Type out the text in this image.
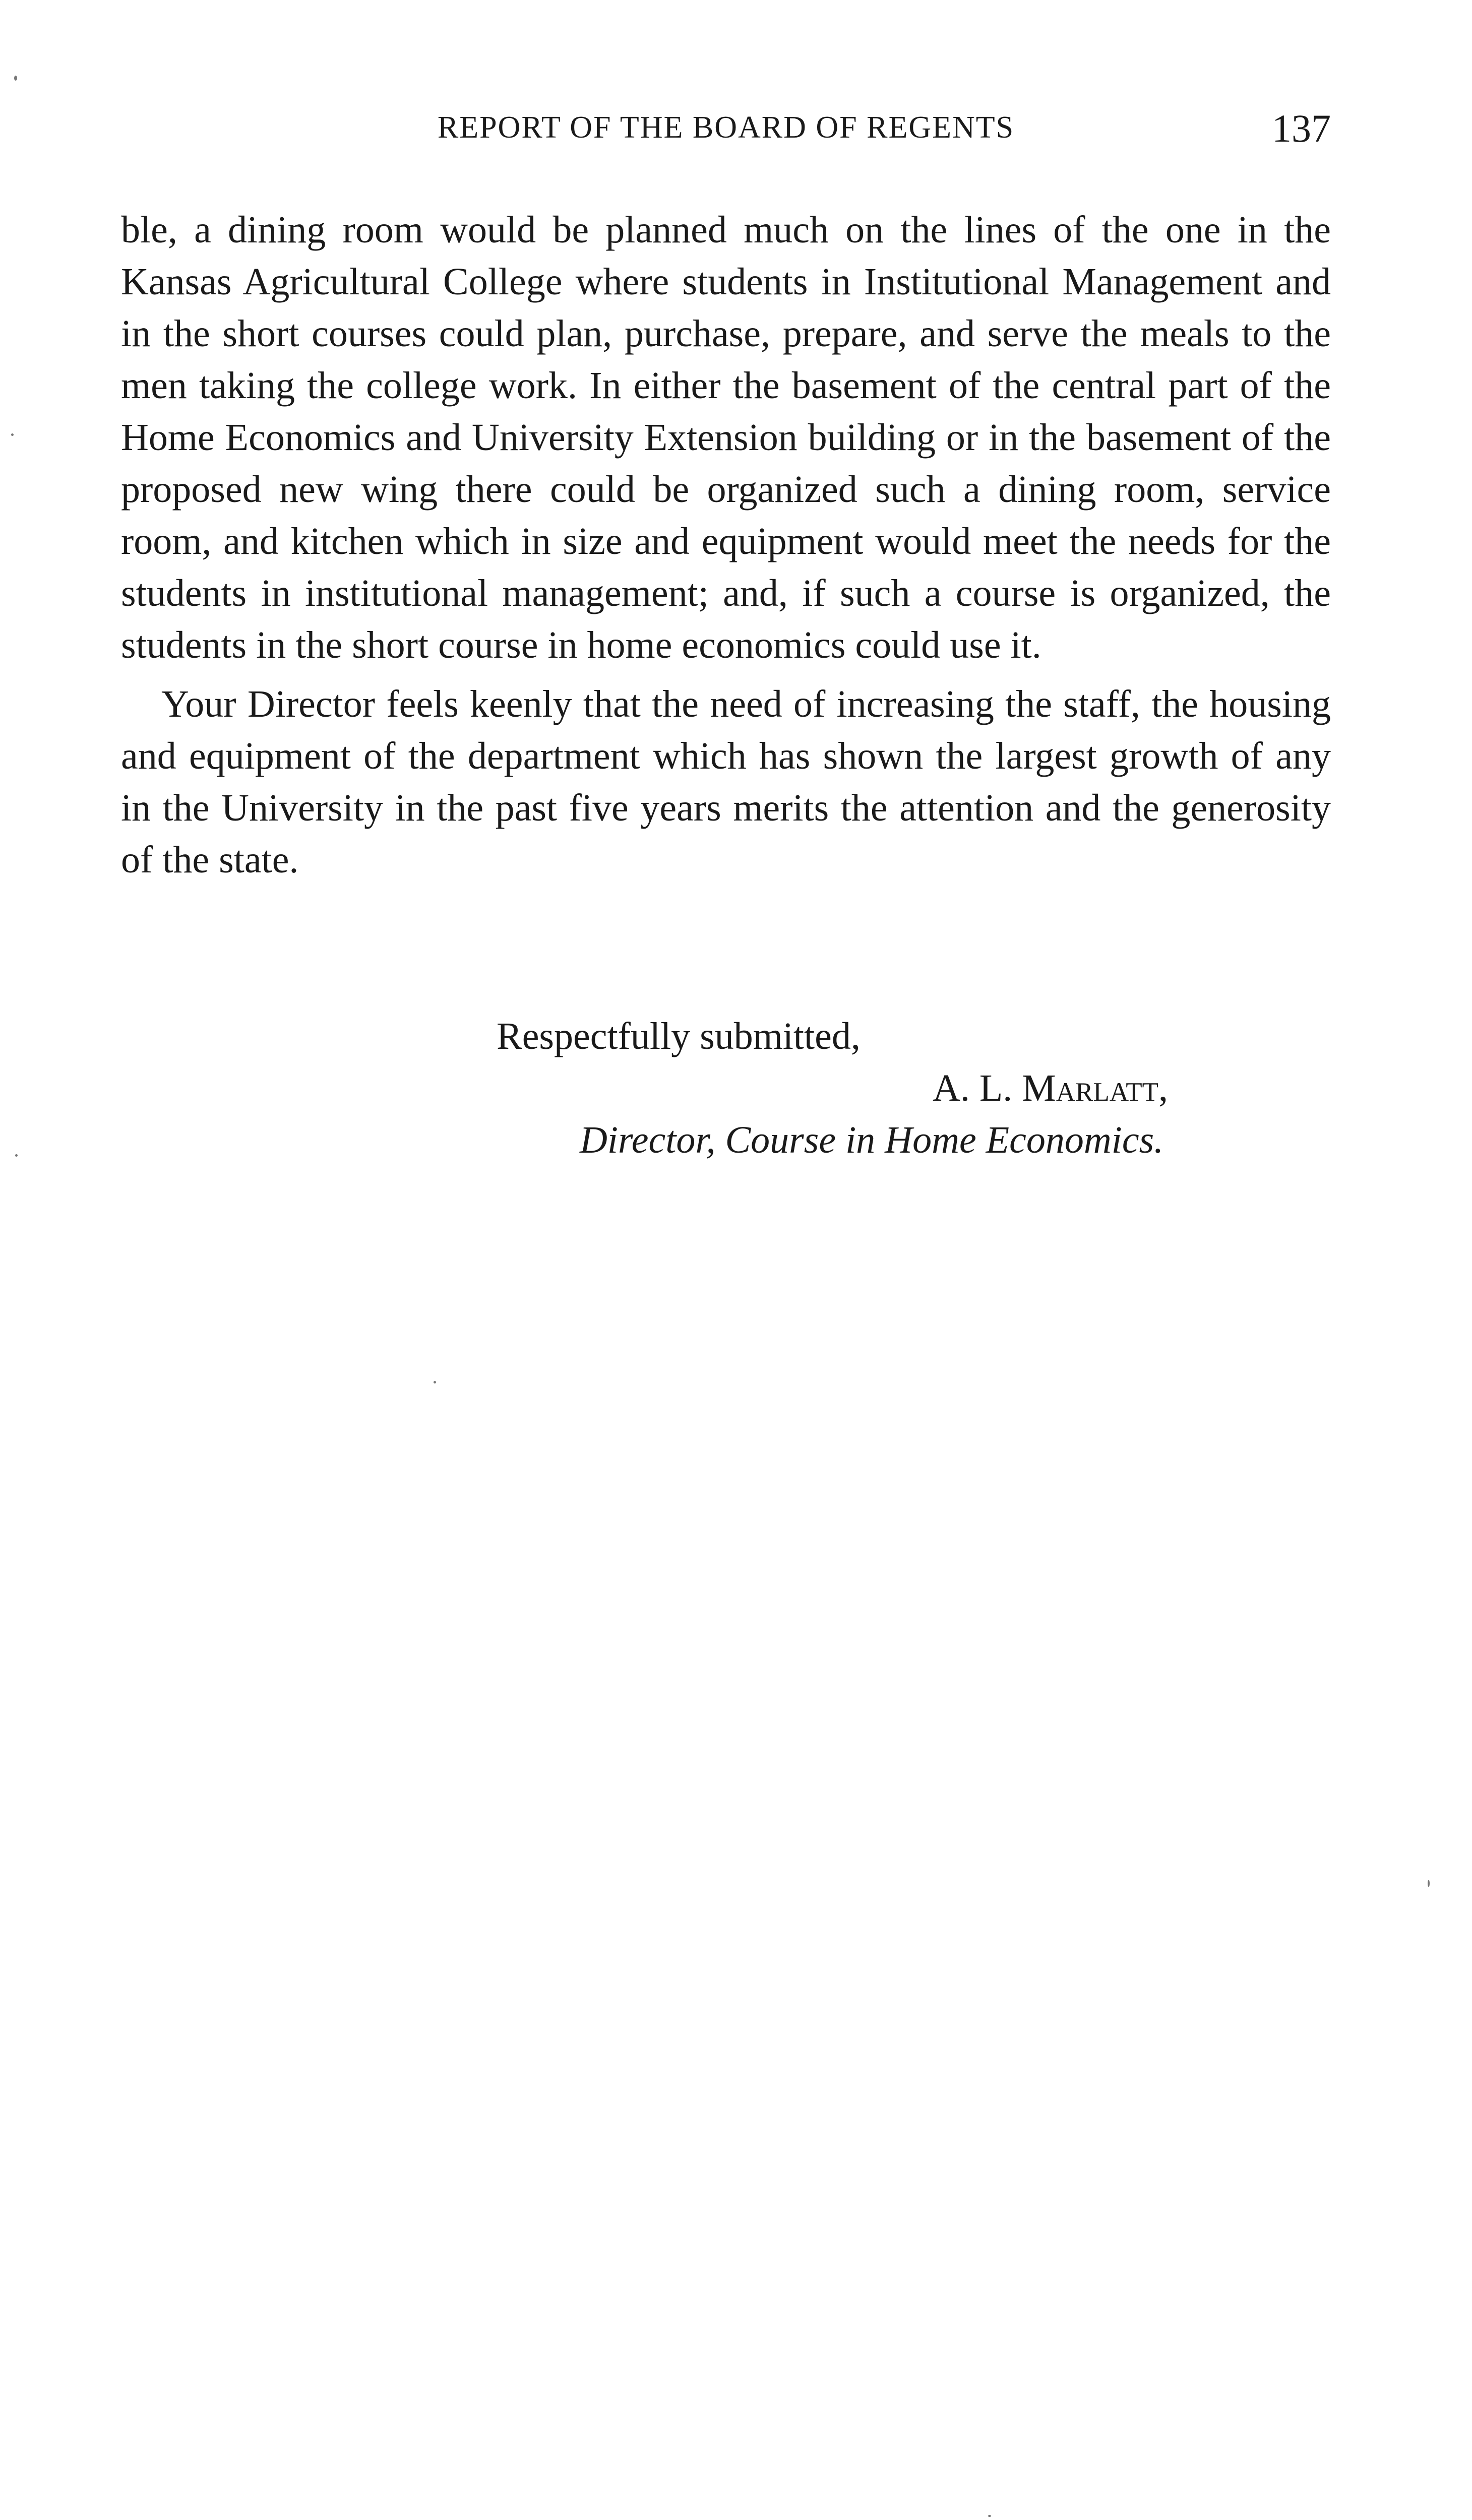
REPORT OF THE BOARD OF REGENTS	137

ble, a dining room would be planned much on the lines of the one in the Kansas Agricultural College where students in Institutional Management and in the short courses could plan, purchase, prepare, and serve the meals to the men taking the college work. In either the basement of the central part of the Home Economics and University Extension building or in the basement of the proposed new wing there could be organized such a dining room, service room, and kitchen which in size and equipment would meet the needs for the students in institutional management; and, if such a course is organized, the students in the short course in home economics could use it.

Your Director feels keenly that the need of increasing the staff, the housing and equipment of the department which has shown the largest growth of any in the University in the past five years merits the attention and the generosity of the state.

Respectfully submitted,
A. L. Marlatt,
Director, Course in Home Economics.
